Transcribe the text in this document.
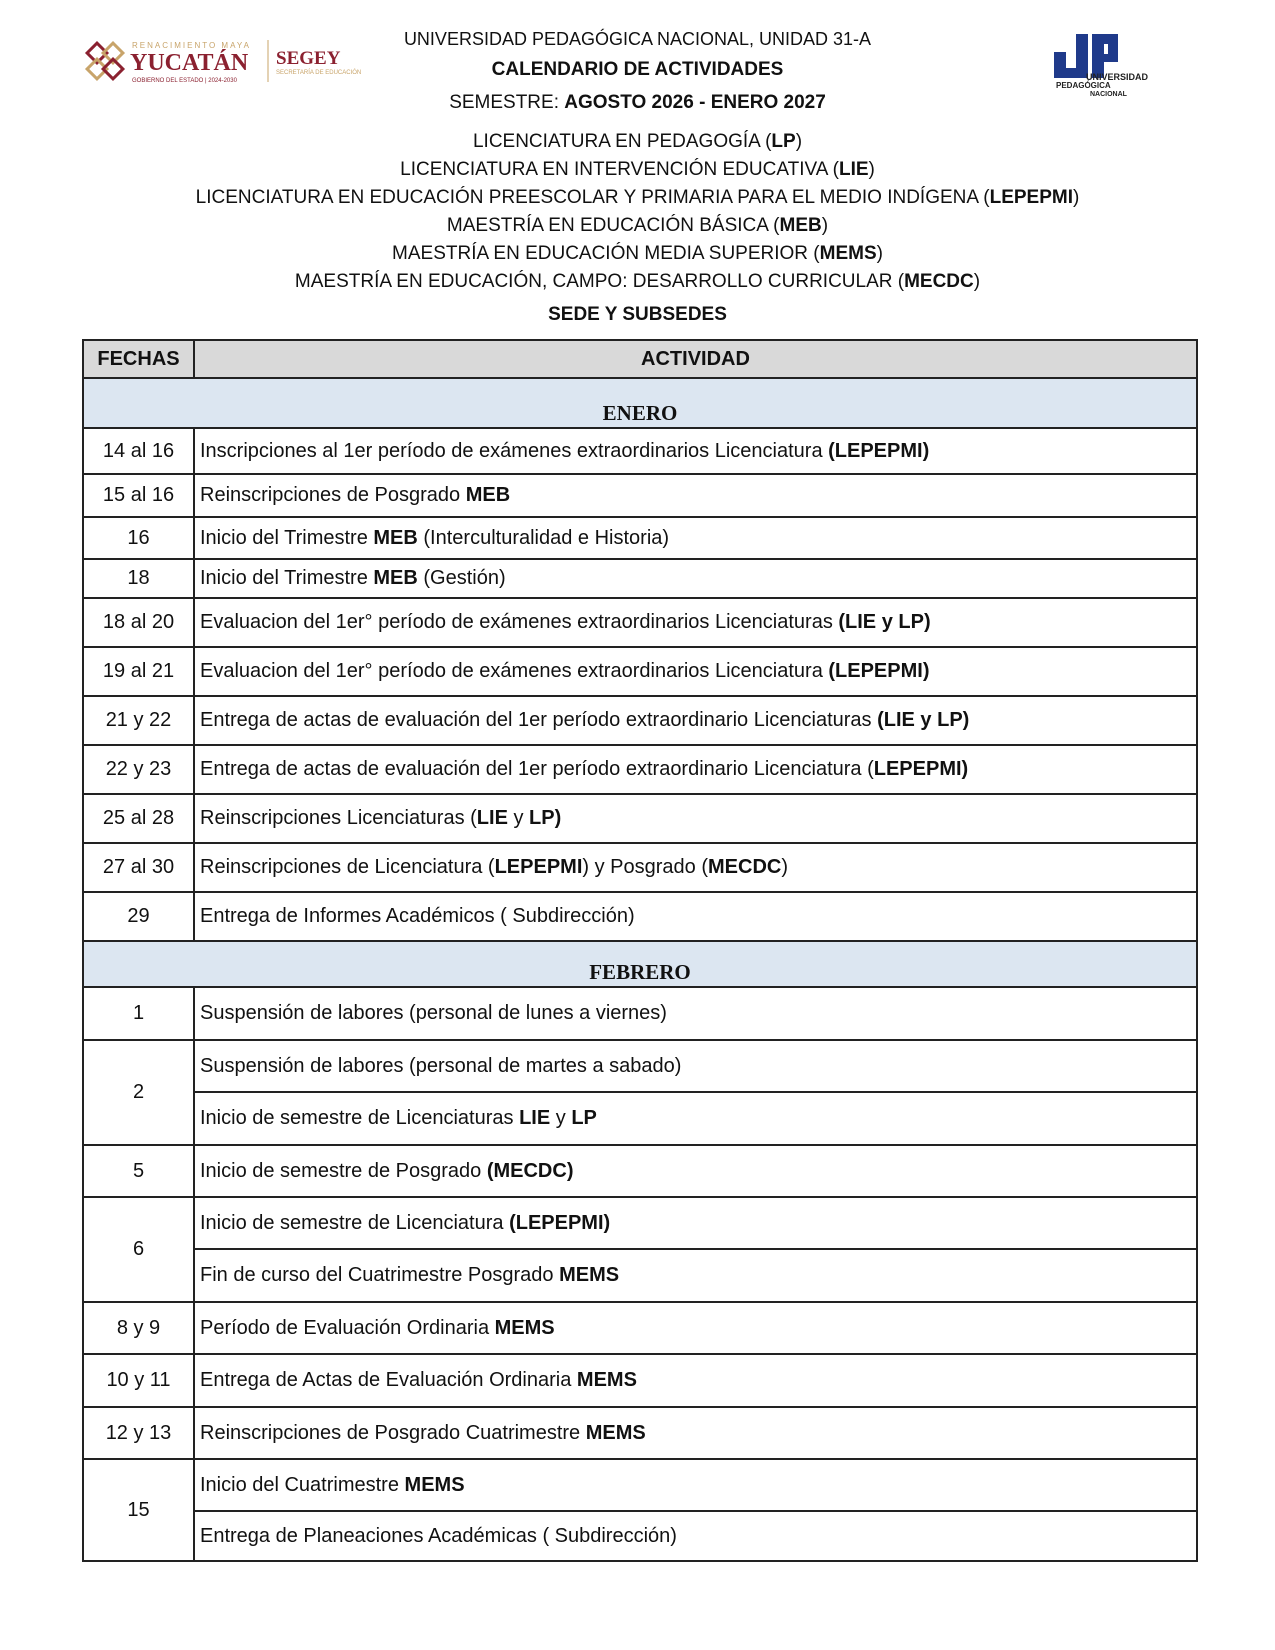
RENACIMIENTO MAYA
YUCATÁN
GOBIERNO DEL ESTADO | 2024-2030
SEGEY
SECRETARÍA DE EDUCACIÓN	UNIVERSIDAD
PEDAGÓGICA
NACIONAL
UNIVERSIDAD PEDAGÓGICA NACIONAL, UNIDAD 31-A
CALENDARIO DE ACTIVIDADES
SEMESTRE: AGOSTO 2026 - ENERO 2027
LICENCIATURA EN PEDAGOGÍA (LP)
LICENCIATURA EN INTERVENCIÓN EDUCATIVA (LIE)
LICENCIATURA EN EDUCACIÓN PREESCOLAR Y PRIMARIA PARA EL MEDIO INDÍGENA (LEPEPMI)
MAESTRÍA EN EDUCACIÓN BÁSICA (MEB)
MAESTRÍA EN EDUCACIÓN MEDIA SUPERIOR (MEMS)
MAESTRÍA EN EDUCACIÓN, CAMPO: DESARROLLO CURRICULAR (MECDC)
SEDE Y SUBSEDES
FECHAS	ACTIVIDAD
ENERO	
14 al 16	Inscripciones al 1er período de exámenes extraordinarios Licenciatura (LEPEPMI)
15 al 16	Reinscripciones de Posgrado MEB
16	Inicio del Trimestre MEB (Interculturalidad e Historia)
18	Inicio del Trimestre MEB (Gestión)
18 al 20	Evaluacion del 1er° período de exámenes extraordinarios Licenciaturas (LIE y LP)
19 al 21	Evaluacion del 1er° período de exámenes extraordinarios Licenciatura (LEPEPMI)
21 y 22	Entrega de actas de evaluación del 1er período extraordinario Licenciaturas (LIE y LP)
22 y 23	Entrega de actas de evaluación del 1er período extraordinario Licenciatura (LEPEPMI)
25 al 28	Reinscripciones Licenciaturas (LIE y LP)
27 al 30	Reinscripciones de Licenciatura (LEPEPMI) y Posgrado (MECDC)
29	Entrega de Informes Académicos ( Subdirección)
FEBRERO	
1	Suspensión de labores (personal de lunes a viernes)
2	Suspensión de labores (personal de martes a sabado)
	Inicio de semestre de Licenciaturas LIE y LP
5	Inicio de semestre de Posgrado (MECDC)
6	Inicio de semestre de Licenciatura (LEPEPMI)
	Fin de curso del Cuatrimestre Posgrado MEMS
8 y 9	Período de Evaluación Ordinaria MEMS
10 y 11	Entrega de Actas de Evaluación Ordinaria MEMS
12 y 13	Reinscripciones de Posgrado Cuatrimestre MEMS
15	Inicio del Cuatrimestre MEMS
	Entrega de Planeaciones Académicas ( Subdirección)
